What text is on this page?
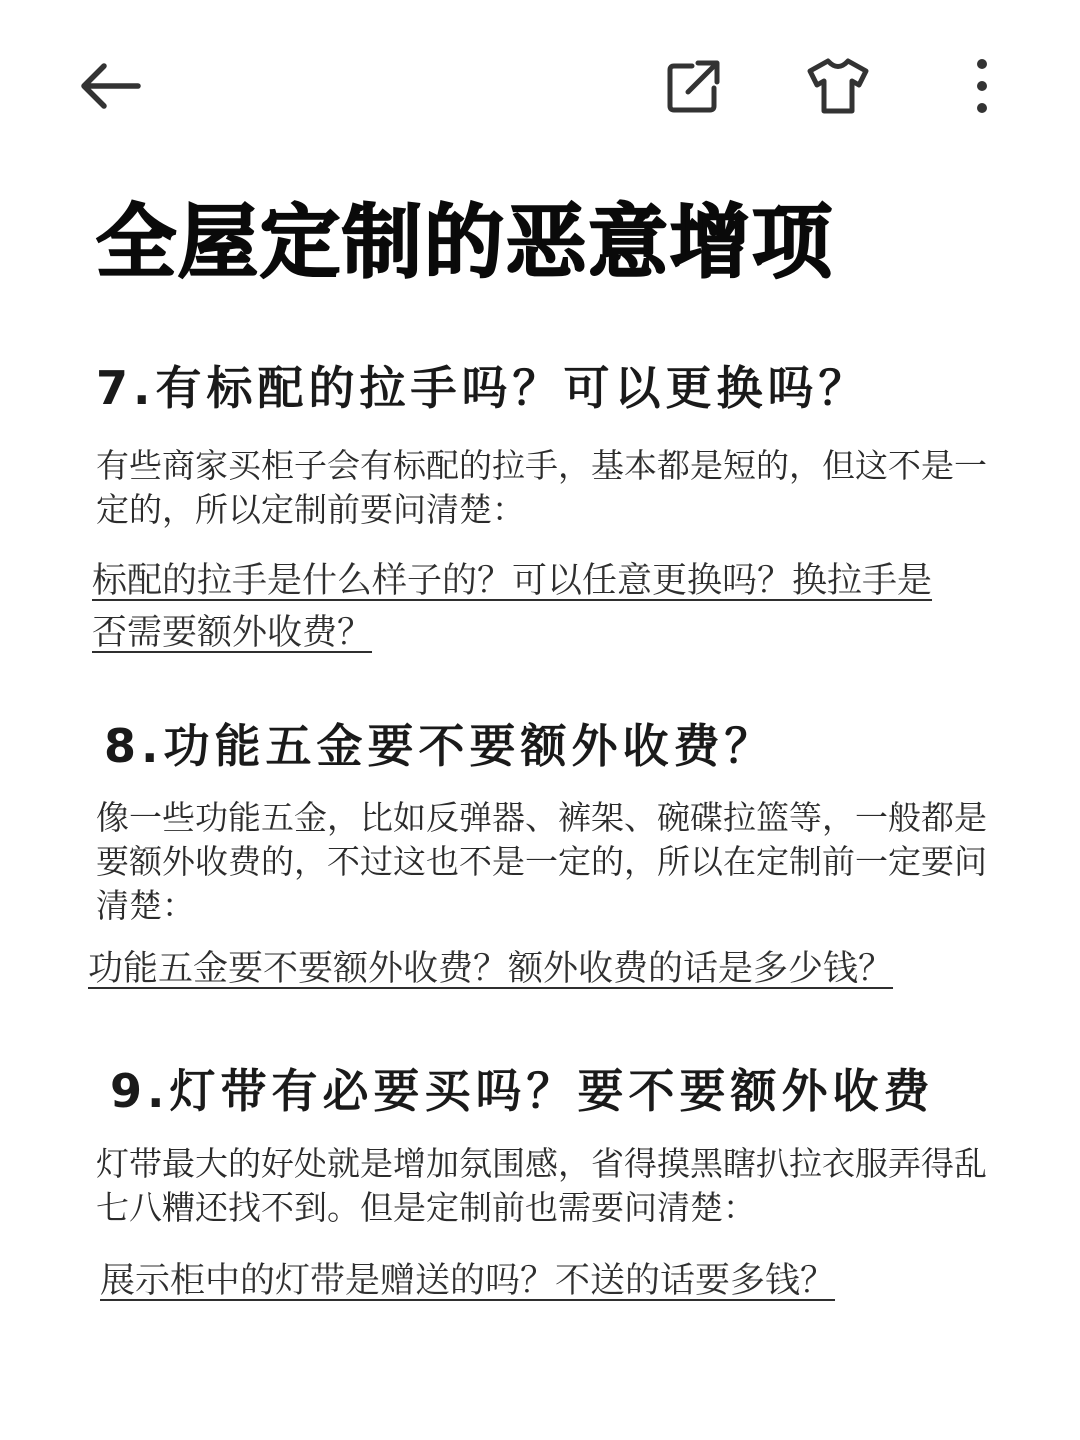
全屋定制的恶意增项
7.有标配的拉手吗？可以更换吗？

有些商家买柜子会有标配的拉手，基本都是短的，但这不是一定的，所以定制前要问清楚：

标配的拉手是什么样子的？可以任意更换吗？换拉手是否需要额外收费？

8.功能五金要不要额外收费？

像一些功能五金，比如反弹器、裤架、碗碟拉篮等，一般都是要额外收费的，不过这也不是一定的，所以在定制前一定要问清楚：

功能五金要不要额外收费？额外收费的话是多少钱？

9.灯带有必要买吗？要不要额外收费

灯带最大的好处就是增加氛围感，省得摸黑瞎扒拉衣服弄得乱七八糟还找不到。但是定制前也需要问清楚：

展示柜中的灯带是赠送的吗？不送的话要多钱？
